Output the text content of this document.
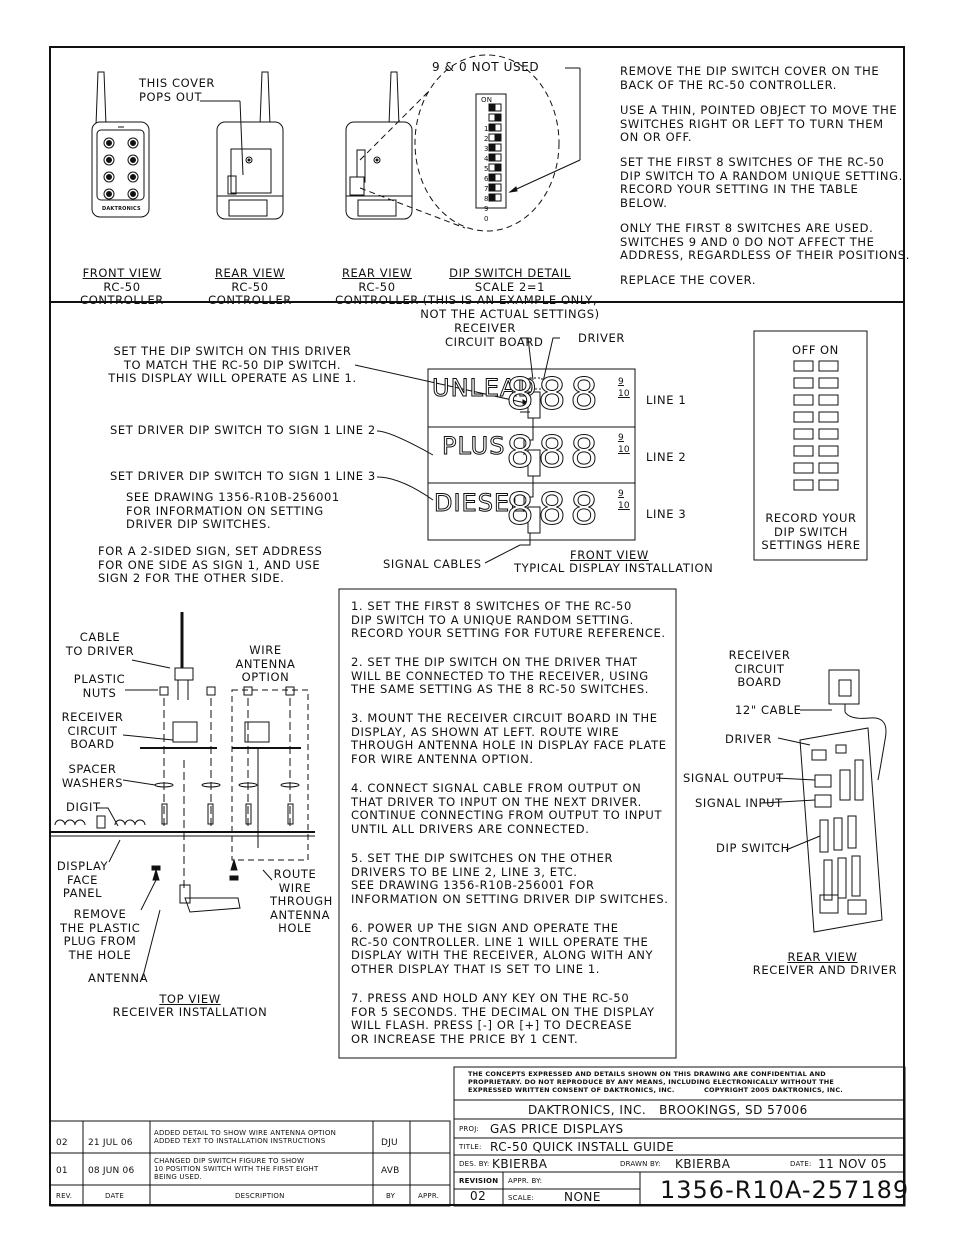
THIS COVER
POPS OUT
9 & 0 NOT USED
DAKTRONICS

1
2
3
4
5
6
7
8
9
0

ON

FRONT VIEW
RC-50
CONTROLLER

REAR VIEW
RC-50
CONTROLLER

REAR VIEW
RC-50
CONTROLLER

DIP SWITCH DETAIL
SCALE 2=1
(THIS IS AN EXAMPLE ONLY,
NOT THE ACTUAL SETTINGS)

REMOVE THE DIP SWITCH COVER ON THE
BACK OF THE RC-50 CONTROLLER.
USE A THIN, POINTED OBJECT TO MOVE THE
SWITCHES RIGHT OR LEFT TO TURN THEM
ON OR OFF.
SET THE FIRST 8 SWITCHES OF THE RC-50
DIP SWITCH TO A RANDOM UNIQUE SETTING.
RECORD YOUR SETTING IN THE TABLE
BELOW.
ONLY THE FIRST 8 SWITCHES ARE USED.
SWITCHES 9 AND 0 DO NOT AFFECT THE
ADDRESS, REGARDLESS OF THEIR POSITIONS.
REPLACE THE COVER.
RECEIVER
CIRCUIT BOARD	DRIVER
SET THE DIP SWITCH ON THIS DRIVER
TO MATCH THE RC-50 DIP SWITCH.
THIS DISPLAY WILL OPERATE AS LINE 1.
SET DRIVER DIP SWITCH TO SIGN 1 LINE 2
SET DRIVER DIP SWITCH TO SIGN 1 LINE 3
SEE DRAWING 1356-R10B-256001
FOR INFORMATION ON SETTING
DRIVER DIP SWITCHES.
FOR A 2-SIDED SIGN, SET ADDRESS
FOR ONE SIDE AS SIGN 1, AND USE
SIGN 2 FOR THE OTHER SIDE.
UNLEAD
888 9
10 LINE 1
PLUS 888 9
10 LINE 2
DIESEL
888 9
10
LINE 3
SIGNAL CABLES
FRONT VIEW
TYPICAL DISPLAY INSTALLATION
OFF ON
RECORD YOUR
DIP SWITCH
SETTINGS HERE
CABLE
TO DRIVER
PLASTIC
NUTS
RECEIVER
CIRCUIT
BOARD
SPACER
WASHERS
DIGIT
DISPLAY
FACE
PANEL
REMOVE
THE PLASTIC
PLUG FROM
THE HOLE
ANTENNA
WIRE
ANTENNA
OPTION
ROUTE
WIRE
THROUGH
ANTENNA
HOLE
TOP VIEW
RECEIVER INSTALLATION
1. SET THE FIRST 8 SWITCHES OF THE RC-50
DIP SWITCH TO A UNIQUE RANDOM SETTING.
RECORD YOUR SETTING FOR FUTURE REFERENCE.
2. SET THE DIP SWITCH ON THE DRIVER THAT
WILL BE CONNECTED TO THE RECEIVER, USING
THE SAME SETTING AS THE 8 RC-50 SWITCHES.
3. MOUNT THE RECEIVER CIRCUIT BOARD IN THE
DISPLAY, AS SHOWN AT LEFT. ROUTE WIRE
THROUGH ANTENNA HOLE IN DISPLAY FACE PLATE
FOR WIRE ANTENNA OPTION.
4. CONNECT SIGNAL CABLE FROM OUTPUT ON
THAT DRIVER TO INPUT ON THE NEXT DRIVER.
CONTINUE CONNECTING FROM OUTPUT TO INPUT
UNTIL ALL DRIVERS ARE CONNECTED.
5. SET THE DIP SWITCHES ON THE OTHER
DRIVERS TO BE LINE 2, LINE 3, ETC.
SEE DRAWING 1356-R10B-256001 FOR
INFORMATION ON SETTING DRIVER DIP SWITCHES.
6. POWER UP THE SIGN AND OPERATE THE
RC-50 CONTROLLER. LINE 1 WILL OPERATE THE
DISPLAY WITH THE RECEIVER, ALONG WITH ANY
OTHER DISPLAY THAT IS SET TO LINE 1.
7. PRESS AND HOLD ANY KEY ON THE RC-50
FOR 5 SECONDS. THE DECIMAL ON THE DISPLAY
WILL FLASH. PRESS [-] OR [+] TO DECREASE
OR INCREASE THE PRICE BY 1 CENT.
RECEIVER
CIRCUIT
BOARD
12" CABLE
DRIVER
SIGNAL OUTPUT
SIGNAL INPUT
DIP SWITCH
REAR VIEW
RECEIVER AND DRIVER
02 21 JUL 06
ADDED DETAIL TO SHOW WIRE ANTENNA OPTION
ADDED TEXT TO INSTALLATION INSTRUCTIONS	DJU
01 08 JUN 06
CHANGED DIP SWITCH FIGURE TO SHOW
10 POSITION SWITCH WITH THE FIRST EIGHT
BEING USED.
AVB
REV.	DATE	DESCRIPTION	BY	APPR.
THE CONCEPTS EXPRESSED AND DETAILS SHOWN ON THIS DRAWING ARE CONFIDENTIAL AND
PROPRIETARY. DO NOT REPRODUCE BY ANY MEANS, INCLUDING ELECTRONICALLY WITHOUT THE
EXPRESSED WRITTEN CONSENT OF DAKTRONICS, INC.            COPYRIGHT 2005 DAKTRONICS, INC.
DAKTRONICS, INC.   BROOKINGS, SD 57006
PROJ: GAS PRICE DISPLAYS
TITLE: RC-50 QUICK INSTALL GUIDE
DES. BY: KBIERBA	DRAWN BY: KBIERBA	DATE: 11 NOV 05
REVISION
02
APPR. BY:
SCALE: NONE 1356-R10A-257189
